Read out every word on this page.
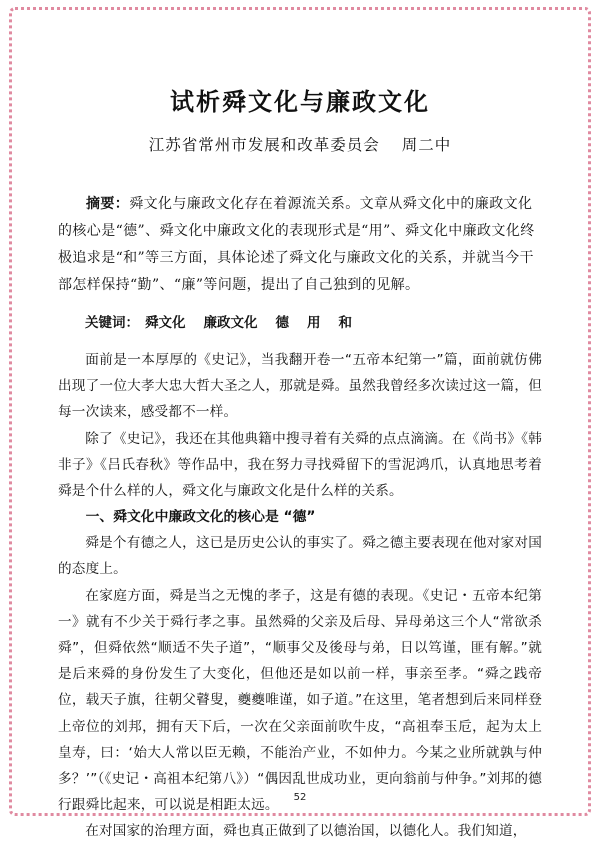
试析舜文化与廉政文化

江苏省常州市发展和改革委员会 周二中

摘要：舜文化与廉政文化存在着源流关系。文章从舜文化中的廉政文化的核心是“德”、舜文化中廉政文化的表现形式是“用”、舜文化中廉政文化终极追求是“和”等三方面，具体论述了舜文化与廉政文化的关系，并就当今干部怎样保持“勤”、“廉”等问题，提出了自己独到的见解。

关键词： 舜文化 廉政文化 德 用 和

面前是一本厚厚的《史记》，当我翻开卷一“五帝本纪第一”篇，面前就仿佛出现了一位大孝大忠大哲大圣之人，那就是舜。虽然我曾经多次读过这一篇，但每一次读来，感受都不一样。

除了《史记》，我还在其他典籍中搜寻着有关舜的点点滴滴。在《尚书》《韩非子》《吕氏春秋》等作品中，我在努力寻找舜留下的雪泥鸿爪，认真地思考着舜是个什么样的人，舜文化与廉政文化是什么样的关系。

一、舜文化中廉政文化的核心是 “德”

舜是个有德之人，这已是历史公认的事实了。舜之德主要表现在他对家对国的态度上。

在家庭方面，舜是当之无愧的孝子，这是有德的表现。《史记・五帝本纪第一》就有不少关于舜行孝之事。虽然舜的父亲及后母、异母弟这三个人“常欲杀舜”，但舜依然“顺适不失子道”，“顺事父及後母与弟，日以笃谨，匪有解。”就是后来舜的身份发生了大变化，但他还是如以前一样，事亲至孝。“舜之践帝位，载天子旗，往朝父瞽叟，夔夔唯谨，如子道。”在这里，笔者想到后来同样登上帝位的刘邦，拥有天下后，一次在父亲面前吹牛皮，“高祖奉玉卮，起为太上皇寿，曰：‘始大人常以臣无赖，不能治产业，不如仲力。今某之业所就孰与仲多？’”（《史记・高祖本纪第八》）“偶因乱世成功业，更向翁前与仲争。”刘邦的德行跟舜比起来，可以说是相距太远。

在对国家的治理方面，舜也真正做到了以德治国，以德化人。我们知道，

52
